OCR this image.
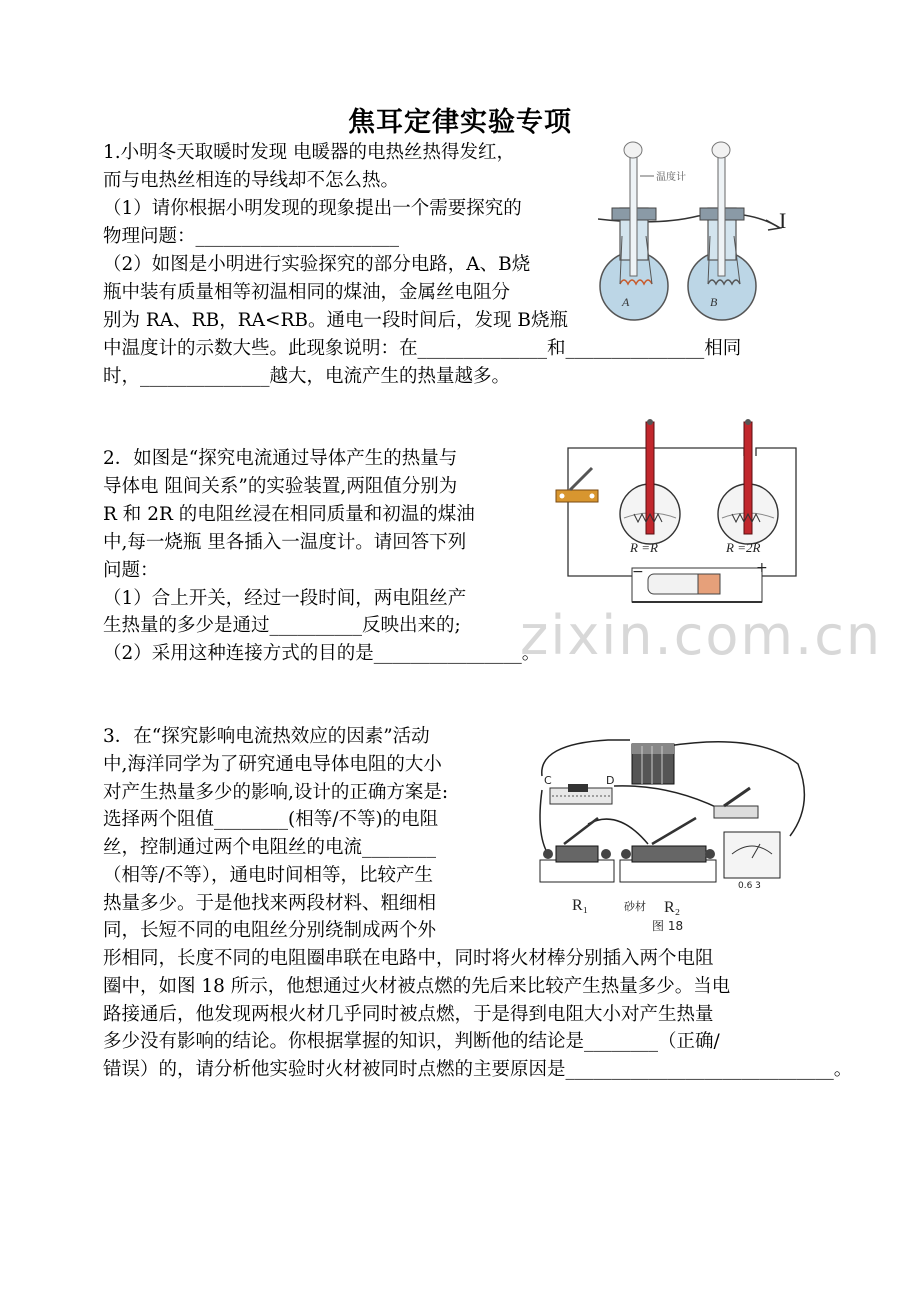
焦耳定律实验专项
1.小明冬天取暖时发现 电暖器的电热丝热得发红，
而与电热丝相连的导线却不怎么热。
（1）请你根据小明发现的现象提出一个需要探究的
物理问题：______________________
（2）如图是小明进行实验探究的部分电路，A、B烧
瓶中装有质量相等初温相同的煤油，金属丝电阻分
别为 RA、RB，RA<RB。通电一段时间后，发现 B烧瓶
中温度计的示数大些。此现象说明：在______________和_______________相同
时，______________越大，电流产生的热量越多。
A	B
温度计
I
2．如图是“探究电流通过导体产生的热量与
导体电 阻间关系”的实验装置,两阻值分别为
R 和 2R 的电阻丝浸在相同质量和初温的煤油
中,每一烧瓶 里各插入一温度计。请回答下列
问题：
（1）合上开关，经过一段时间，两电阻丝产
生热量的多少是通过__________反映出来的;
（2）采用这种连接方式的目的是________________。
R =R	R =2R
−	+
zixin.com.cn
3．在“探究影响电流热效应的因素”活动
中,海洋同学为了研究通电导体电阻的大小
对产生热量多少的影响,设计的正确方案是:
选择两个阻值________(相等/不等)的电阻
丝，控制通过两个电阻丝的电流________
（相等/不等），通电时间相等，比较产生
热量多少。于是他找来两段材料、粗细相
同，长短不同的电阻丝分别绕制成两个外
形相同，长度不同的电阻圈串联在电路中，同时将火材棒分别插入两个电阻
圈中，如图 18 所示，他想通过火材被点燃的先后来比较产生热量多少。当电
路接通后，他发现两根火材几乎同时被点燃，于是得到电阻大小对产生热量
多少没有影响的结论。你根据掌握的知识，判断他的结论是________（正确/
错误）的，请分析他实验时火材被同时点燃的主要原因是_____________________________。
C	D
0.6 3
R₁	砂材 R₂
图 18
